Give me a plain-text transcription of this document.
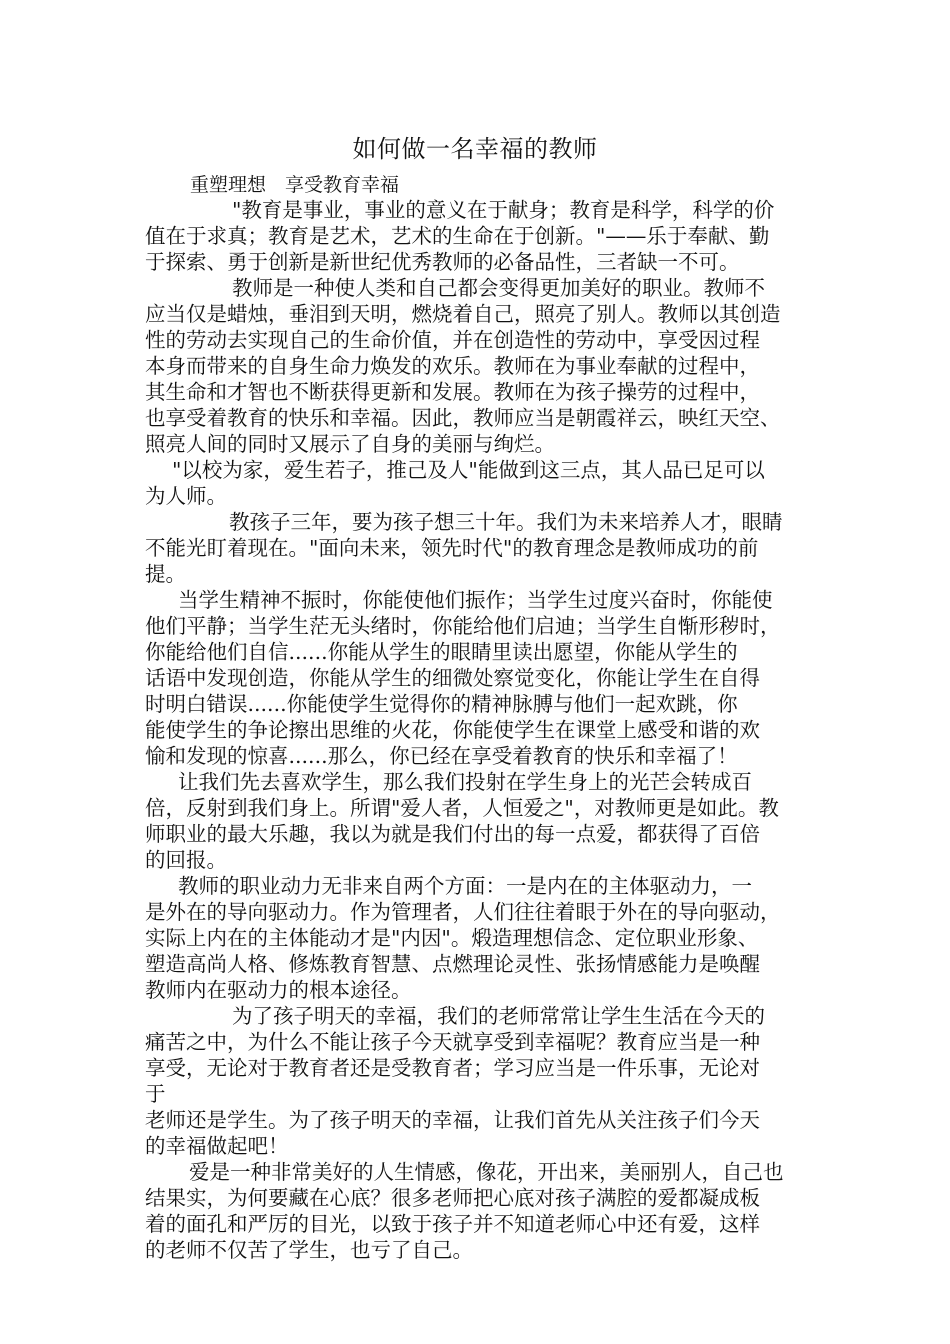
如何做一名幸福的教师
重塑理想　享受教育幸福
"教育是事业，事业的意义在于献身；教育是科学，科学的价
值在于求真；教育是艺术，艺术的生命在于创新。"——乐于奉献、勤
于探索、勇于创新是新世纪优秀教师的必备品性，三者缺一不可。
教师是一种使人类和自己都会变得更加美好的职业。教师不
应当仅是蜡烛，垂泪到天明，燃烧着自己，照亮了别人。教师以其创造
性的劳动去实现自己的生命价值，并在创造性的劳动中，享受因过程
本身而带来的自身生命力焕发的欢乐。教师在为事业奉献的过程中，
其生命和才智也不断获得更新和发展。教师在为孩子操劳的过程中，
也享受着教育的快乐和幸福。因此，教师应当是朝霞祥云，映红天空、
照亮人间的同时又展示了自身的美丽与绚烂。
"以校为家，爱生若子，推己及人"能做到这三点，其人品已足可以
为人师。
教孩子三年，要为孩子想三十年。我们为未来培养人才，眼睛
不能光盯着现在。"面向未来，领先时代"的教育理念是教师成功的前
提。
当学生精神不振时，你能使他们振作；当学生过度兴奋时，你能使
他们平静；当学生茫无头绪时，你能给他们启迪；当学生自惭形秽时，
你能给他们自信......你能从学生的眼睛里读出愿望，你能从学生的
话语中发现创造，你能从学生的细微处察觉变化，你能让学生在自得
时明白错误......你能使学生觉得你的精神脉膊与他们一起欢跳，你
能使学生的争论擦出思维的火花，你能使学生在课堂上感受和谐的欢
愉和发现的惊喜......那么，你已经在享受着教育的快乐和幸福了！
让我们先去喜欢学生，那么我们投射在学生身上的光芒会转成百
倍，反射到我们身上。所谓"爱人者，人恒爱之"，对教师更是如此。教
师职业的最大乐趣，我以为就是我们付出的每一点爱，都获得了百倍
的回报。
教师的职业动力无非来自两个方面：一是内在的主体驱动力，一
是外在的导向驱动力。作为管理者，人们往往着眼于外在的导向驱动，
实际上内在的主体能动才是"内因"。煅造理想信念、定位职业形象、
塑造高尚人格、修炼教育智慧、点燃理论灵性、张扬情感能力是唤醒
教师内在驱动力的根本途径。
为了孩子明天的幸福，我们的老师常常让学生生活在今天的
痛苦之中，为什么不能让孩子今天就享受到幸福呢？教育应当是一种
享受，无论对于教育者还是受教育者；学习应当是一件乐事，无论对
于
老师还是学生。为了孩子明天的幸福，让我们首先从关注孩子们今天
的幸福做起吧！
爱是一种非常美好的人生情感，像花，开出来，美丽别人，自己也
结果实，为何要藏在心底？很多老师把心底对孩子满腔的爱都凝成板
着的面孔和严厉的目光，以致于孩子并不知道老师心中还有爱，这样
的老师不仅苦了学生，也亏了自己。
